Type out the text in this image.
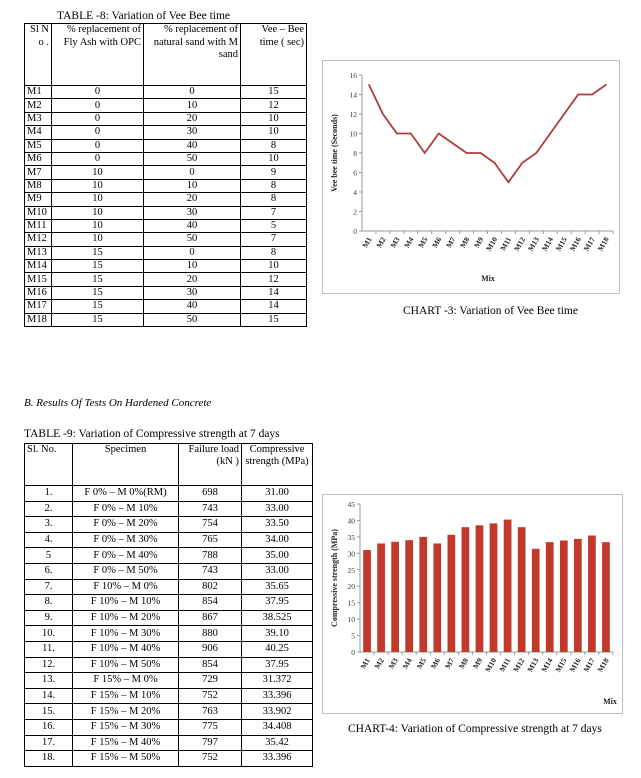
TABLE -8: Variation of Vee Bee time
Sl N o .	% replacement of Fly Ash with OPC	% replacement of natural sand with M sand	Vee – Bee time ( sec)

M1	0	0	15
M2	0	10	12
M3	0	20	10
M4	0	30	10
M5	0	40	8
M6	0	50	10
M7	10	0	9
M8	10	10	8
M9	10	20	8
M10	10	30	7
M11	10	40	5
M12	10	50	7
M13	15	0	8
M14	15	10	10
M15	15	20	12
M16	15	30	14
M17	15	40	14
M18	15	50	15
0
2
4
6
8
10
12
14
16
M1 M2 M3 M4 M5 M6 M7 M8 M9
M10 M11
M12
M13
M14
M15
M16
M17
M18
Vee bee time (Seconds)
Mix
CHART -3: Variation of Vee Bee time
B. Results Of Tests On Hardened Concrete
TABLE -9: Variation of Compressive strength at 7 days
Sl. No.	Specimen	Failure load (kN )	Compressive strength (MPa)

1.	F 0% – M 0%(RM)	698	31.00
2.	F 0% – M 10%	743	33.00
3.	F 0% – M 20%	754	33.50
4.	F 0% – M 30%	765	34.00
5	F 0% – M 40%	788	35.00
6.	F 0% – M 50%	743	33.00
7.	F 10% – M 0%	802	35.65
8.	F 10% – M 10%	854	37.95
9.	F 10% – M 20%	867	38.525
10.	F 10% – M 30%	880	39.10
11.	F 10% – M 40%	906	40.25
12.	F 10% – M 50%	854	37.95
13.	F 15% – M 0%	729	31.372
14.	F 15% – M 10%	752	33.396
15.	F 15% – M 20%	763	33.902
16.	F 15% – M 30%	775	34.408
17.	F 15% – M 40%	797	35.42
18.	F 15% – M 50%	752	33.396
0
5
10
15
20
25
30
35
40
45
M1 M2 M3 M4 M5 M6 M7 M8 M9
M10 M11
M12
M13
M14
M15
M16
M17
M18
Compressive strength (MPa)
Mix
CHART-4: Variation of Compressive strength at 7 days
